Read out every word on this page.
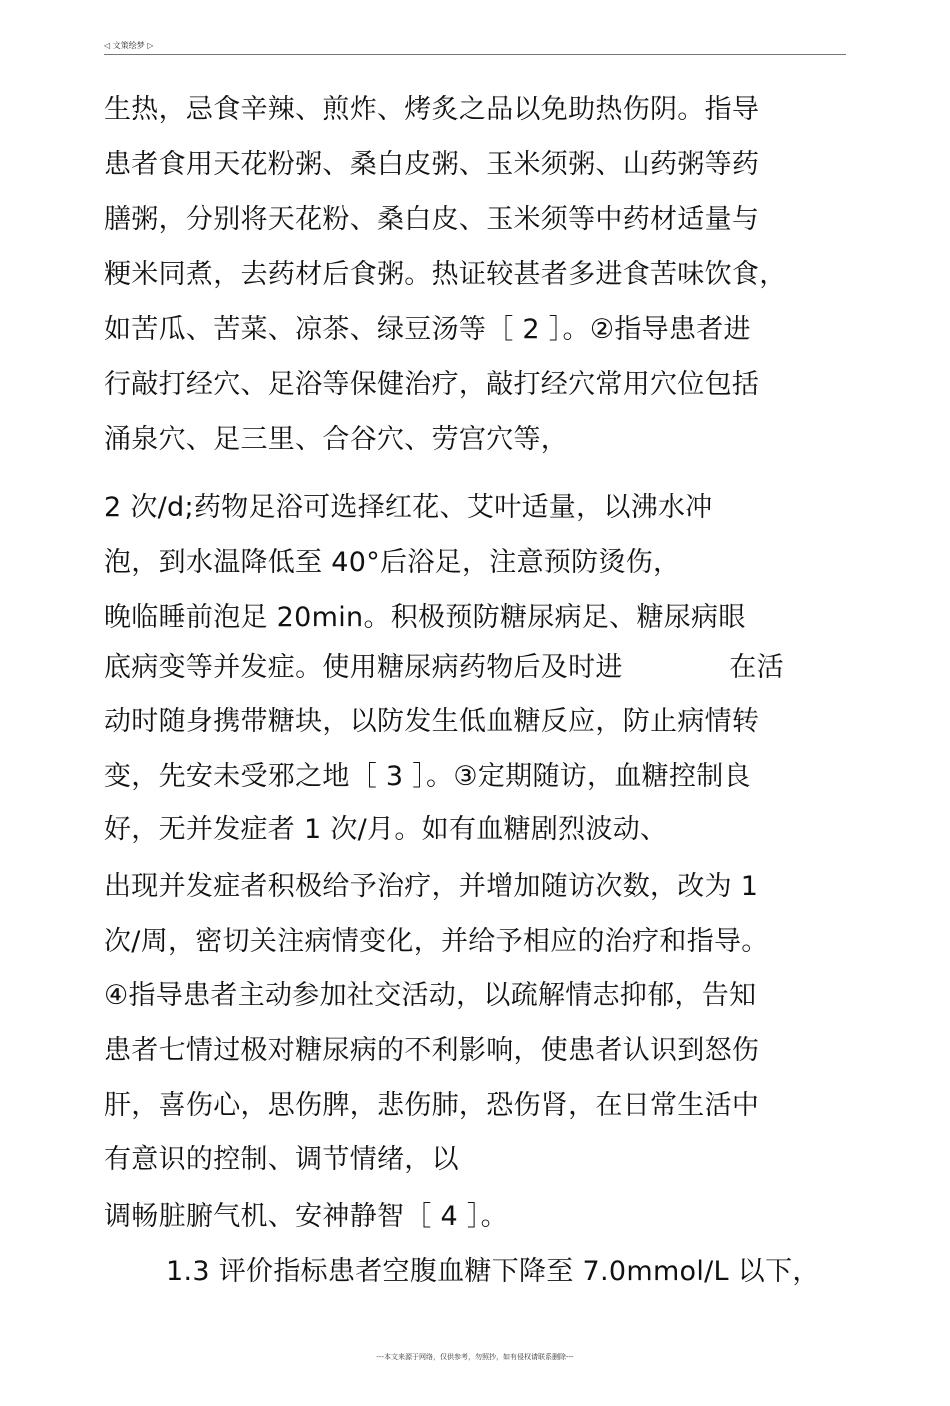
◁ 文策绘梦 ▷
生热，忌食辛辣、煎炸、烤炙之品以免助热伤阴。指导
患者食用天花粉粥、桑白皮粥、玉米须粥、山药粥等药
膳粥，分别将天花粉、桑白皮、玉米须等中药材适量与
粳米同煮，去药材后食粥。热证较甚者多进食苦味饮食，
如苦瓜、苦菜、凉茶、绿豆汤等［ 2 ］。②指导患者进
行敲打经穴、足浴等保健治疗，敲打经穴常用穴位包括
涌泉穴、足三里、合谷穴、劳宫穴等，
2 次/d;药物足浴可选择红花、艾叶适量，以沸水冲
泡，到水温降低至 40°后浴足，注意预防烫伤，
晚临睡前泡足 20min。积极预防糖尿病足、糖尿病眼
底病变等并发症。使用糖尿病药物后及时进            在活
动时随身携带糖块，以防发生低血糖反应，防止病情转
变，先安未受邪之地［ 3 ］。③定期随访，血糖控制良
好，无并发症者 1 次/月。如有血糖剧烈波动、
出现并发症者积极给予治疗，并增加随访次数，改为 1
次/周，密切关注病情变化，并给予相应的治疗和指导。
④指导患者主动参加社交活动，以疏解情志抑郁，告知
患者七情过极对糖尿病的不利影响，使患者认识到怒伤
肝，喜伤心，思伤脾，悲伤肺，恐伤肾，在日常生活中
有意识的控制、调节情绪，以
调畅脏腑气机、安神静智［ 4 ］。
1.3 评价指标患者空腹血糖下降至 7.0mmol/L 以下，
---本文来源于网络，仅供参考，勿照抄，如有侵权请联系删除---
